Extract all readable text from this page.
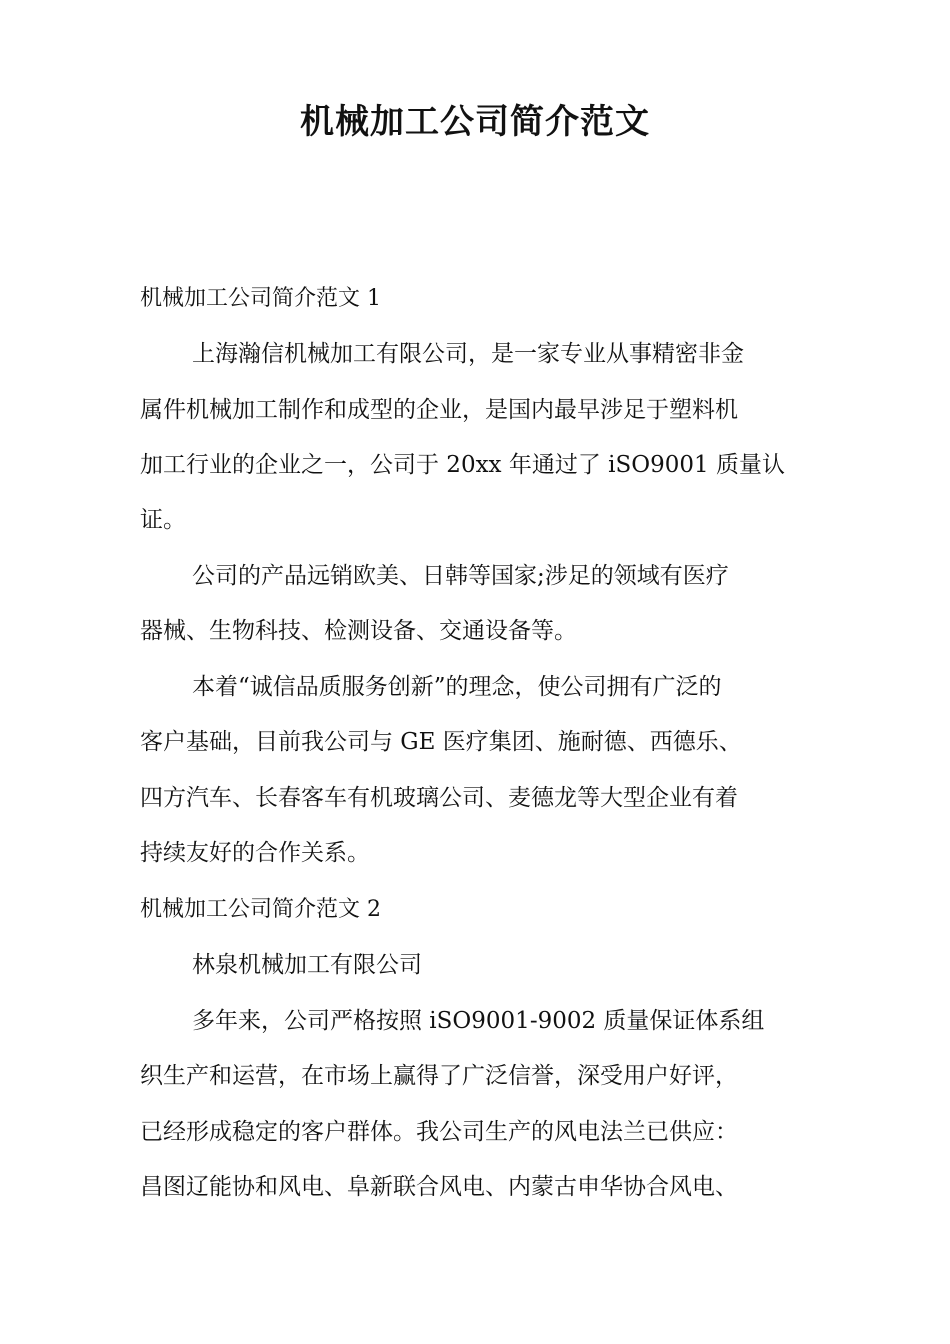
机械加工公司简介范文

机械加工公司简介范文 1

上海瀚信机械加工有限公司，是一家专业从事精密非金

属件机械加工制作和成型的企业，是国内最早涉足于塑料机

加工行业的企业之一，公司于 20xx 年通过了 iSO9001 质量认

证。

公司的产品远销欧美、日韩等国家;涉足的领域有医疗

器械、生物科技、检测设备、交通设备等。

本着“诚信品质服务创新”的理念，使公司拥有广泛的

客户基础，目前我公司与 GE 医疗集团、施耐德、西德乐、

四方汽车、长春客车有机玻璃公司、麦德龙等大型企业有着

持续友好的合作关系。

机械加工公司简介范文 2

林泉机械加工有限公司

多年来，公司严格按照 iSO9001-9002 质量保证体系组

织生产和运营，在市场上赢得了广泛信誉，深受用户好评，

已经形成稳定的客户群体。我公司生产的风电法兰已供应：

昌图辽能协和风电、阜新联合风电、内蒙古申华协合风电、
